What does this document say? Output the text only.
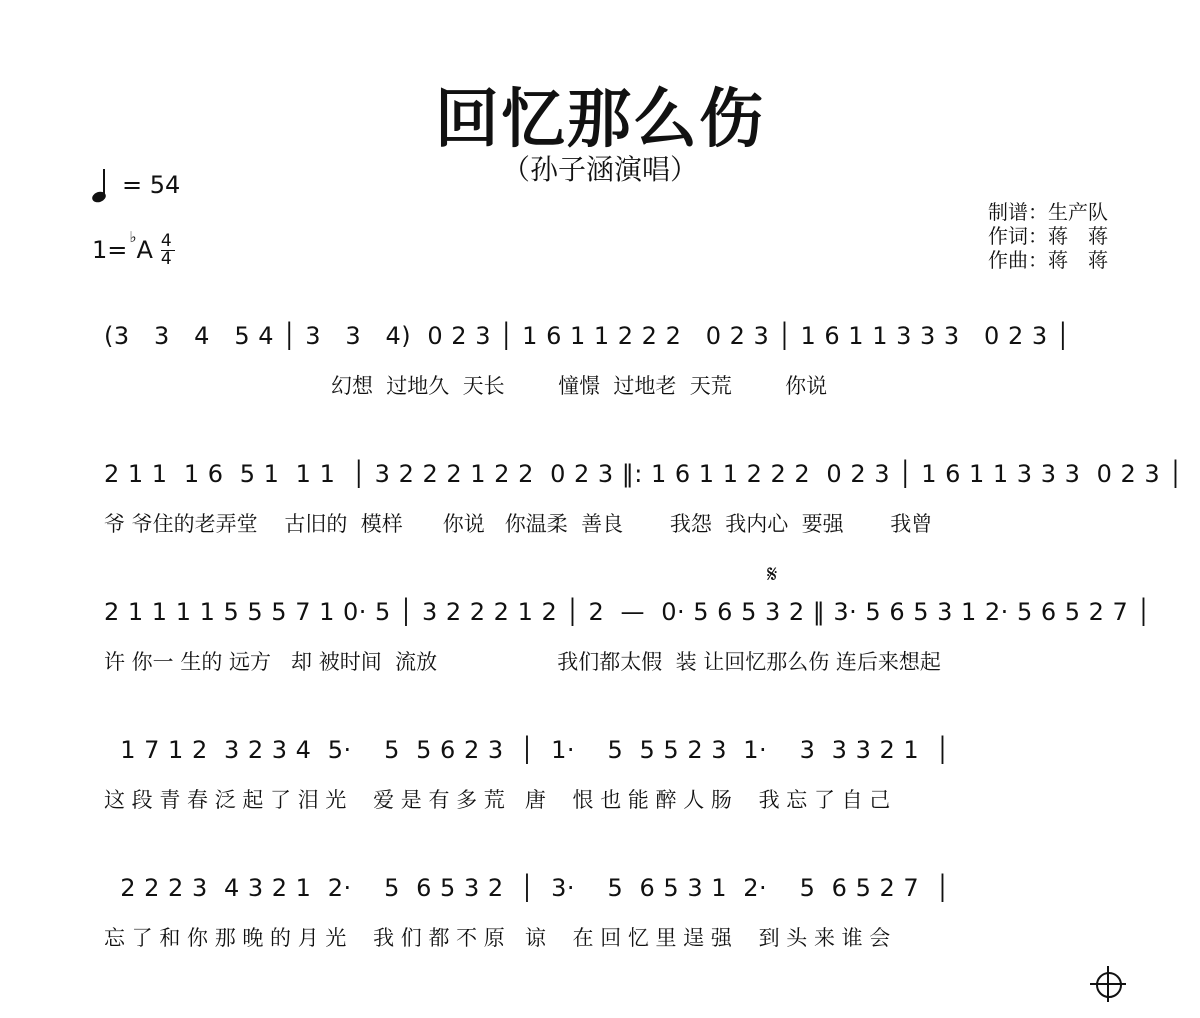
回忆那么伤
（孙子涵演唱）
= 54
1= ♭ A 4
4
制谱：生产队
作词：蒋　蒋
作曲：蒋　蒋
(3   3   4   5 4 │ 3   3   4)  0 2 3 │ 1 6 1 1 2 2 2   0 2 3 │ 1 6 1 1 3 3 3   0 2 3 │
幻想  过地久  天长        憧憬  过地老  天荒        你说
2 1 1  1 6  5 1  1 1  │ 3 2 2 2 1 2 2  0 2 3 ‖: 1 6 1 1 2 2 2  0 2 3 │ 1 6 1 1 3 3 3  0 2 3 │
爷 爷住的老弄堂    古旧的  模样      你说   你温柔  善良       我怨  我内心  要强       我曾
𝄋
2 1 1 1 1 5 5 5 7 1 0· 5 │ 3 2 2 2 1 2 │ 2  —  0· 5 6 5 3 2 ‖ 3· 5 6 5 3 1 2· 5 6 5 2 7 │
许 你一 生的 远方   却 被时间  流放                  我们都太假  装 让回忆那么伤 连后来想起
1 7 1 2  3 2 3 4  5·    5  5 6 2 3  │  1·    5  5 5 2 3  1·    3  3 3 2 1  │
这 段 青 春 泛 起 了 泪 光    爱 是 有 多 荒   唐    恨 也 能 醉 人 肠    我 忘 了 自 己
2 2 2 3  4 3 2 1  2·    5  6 5 3 2  │  3·    5  6 5 3 1  2·    5  6 5 2 7  │
忘 了 和 你 那 晚 的 月 光    我 们 都 不 原   谅    在 回 忆 里 逞 强    到 头 来 谁 会
